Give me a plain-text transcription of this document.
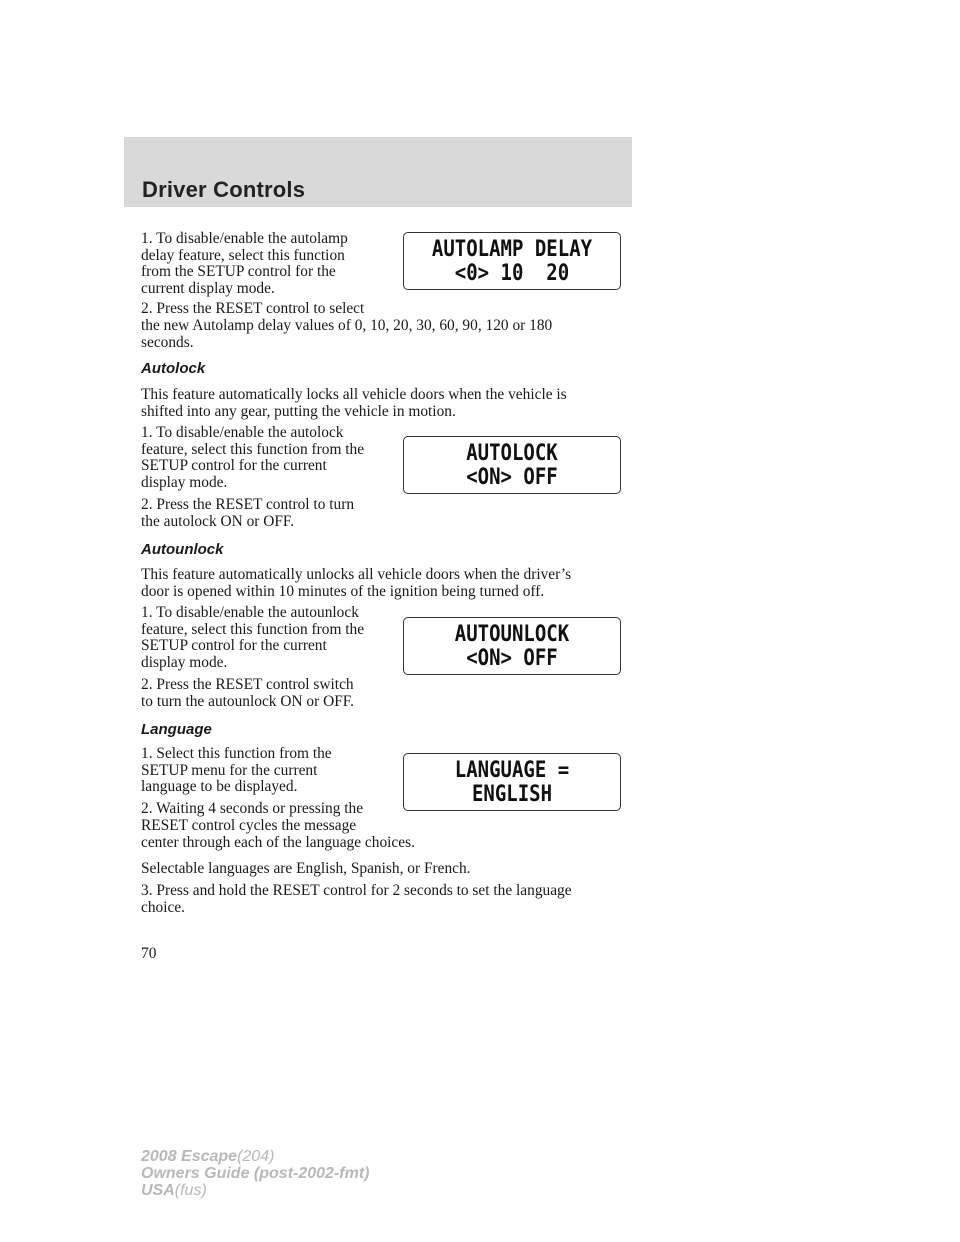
Driver Controls

1. To disable/enable the autolamp
delay feature, select this function
from the SETUP control for the
current display mode.

2. Press the RESET control to select

the new Autolamp delay values of 0, 10, 20, 30, 60, 90, 120 or 180
seconds.

Autolock

This feature automatically locks all vehicle doors when the vehicle is
shifted into any gear, putting the vehicle in motion.

1. To disable/enable the autolock
feature, select this function from the
SETUP control for the current
display mode.

2. Press the RESET control to turn
the autolock ON or OFF.

Autounlock

This feature automatically unlocks all vehicle doors when the driver’s
door is opened within 10 minutes of the ignition being turned off.

1. To disable/enable the autounlock
feature, select this function from the
SETUP control for the current
display mode.

2. Press the RESET control switch
to turn the autounlock ON or OFF.

Language

1. Select this function from the
SETUP menu for the current
language to be displayed.

2. Waiting 4 seconds or pressing the
RESET control cycles the message

center through each of the language choices.

Selectable languages are English, Spanish, or French.

3. Press and hold the RESET control for 2 seconds to set the language
choice.

AUTOLAMP DELAY
<0> 10  20
AUTOLOCK
<ON> OFF
AUTOUNLOCK
<ON> OFF
LANGUAGE =
ENGLISH
70
2008 Escape(204)
Owners Guide (post-2002-fmt)
USA(fus)
